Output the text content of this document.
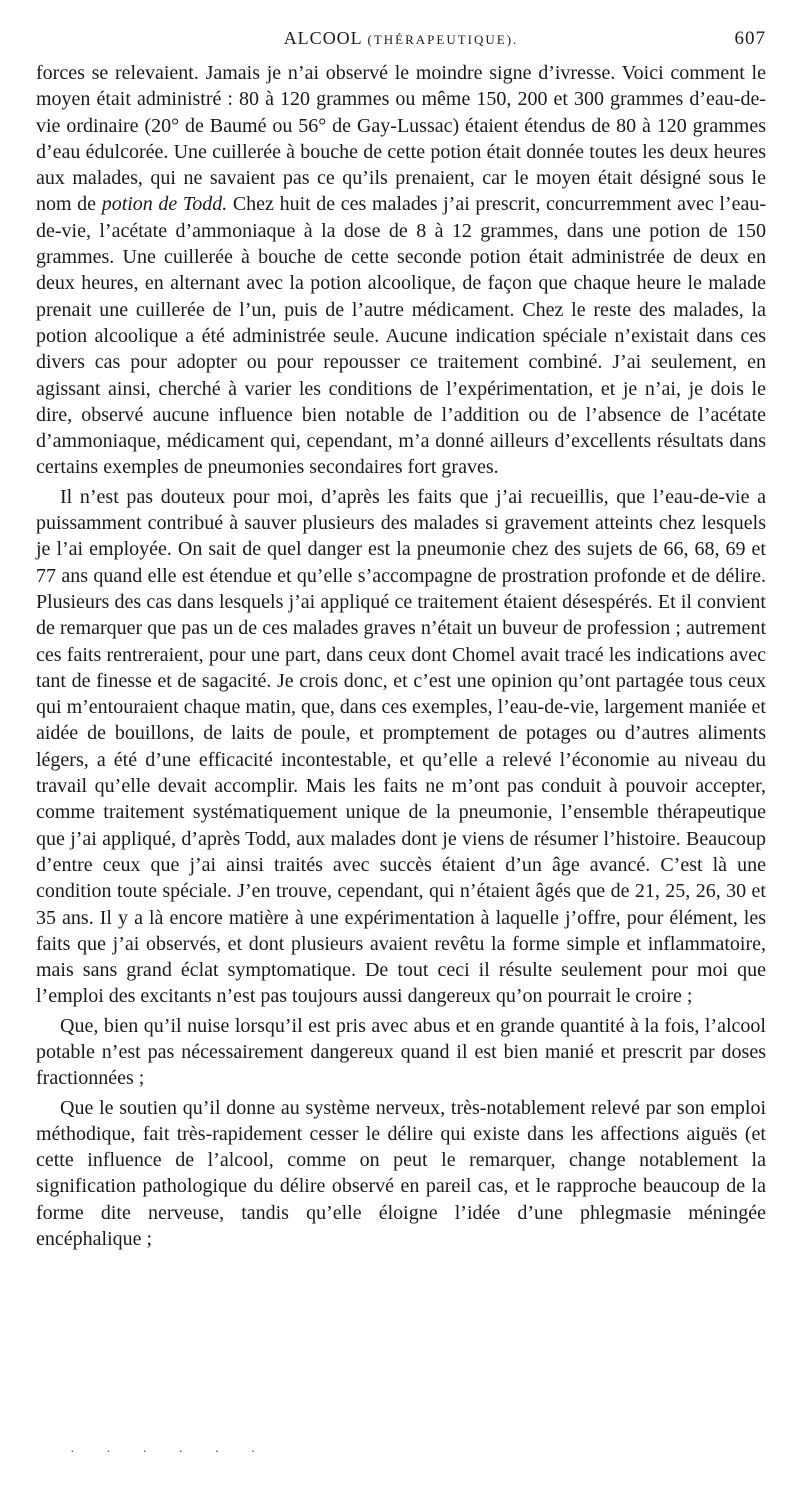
ALCOOL (THÉRAPEUTIQUE).	607

forces se relevaient. Jamais je n’ai observé le moindre signe d’ivresse. Voici comment le moyen était administré : 80 à 120 grammes ou même 150, 200 et 300 grammes d’eau-de-vie ordinaire (20° de Baumé ou 56° de Gay-Lussac) étaient étendus de 80 à 120 grammes d’eau édulcorée. Une cuillerée à bouche de cette potion était donnée toutes les deux heures aux malades, qui ne savaient pas ce qu’ils prenaient, car le moyen était désigné sous le nom de potion de Todd. Chez huit de ces malades j’ai prescrit, concurremment avec l’eau-de-vie, l’acétate d’ammoniaque à la dose de 8 à 12 grammes, dans une potion de 150 grammes. Une cuillerée à bouche de cette seconde potion était administrée de deux en deux heures, en alternant avec la potion alcoolique, de façon que chaque heure le malade prenait une cuillerée de l’un, puis de l’autre médicament. Chez le reste des malades, la potion alcoolique a été administrée seule. Aucune indication spéciale n’existait dans ces divers cas pour adopter ou pour repousser ce traitement combiné. J’ai seulement, en agissant ainsi, cherché à varier les conditions de l’expérimentation, et je n’ai, je dois le dire, observé aucune influence bien notable de l’addition ou de l’absence de l’acétate d’ammoniaque, médicament qui, cependant, m’a donné ailleurs d’excellents résultats dans certains exemples de pneumonies secondaires fort graves.

Il n’est pas douteux pour moi, d’après les faits que j’ai recueillis, que l’eau-de-vie a puissamment contribué à sauver plusieurs des malades si gravement atteints chez lesquels je l’ai employée. On sait de quel danger est la pneumonie chez des sujets de 66, 68, 69 et 77 ans quand elle est étendue et qu’elle s’accompagne de prostration profonde et de délire. Plusieurs des cas dans lesquels j’ai appliqué ce traitement étaient désespérés. Et il convient de remarquer que pas un de ces malades graves n’était un buveur de profession ; autrement ces faits rentreraient, pour une part, dans ceux dont Chomel avait tracé les indications avec tant de finesse et de sagacité. Je crois donc, et c’est une opinion qu’ont partagée tous ceux qui m’entouraient chaque matin, que, dans ces exemples, l’eau-de-vie, largement maniée et aidée de bouillons, de laits de poule, et promptement de potages ou d’autres aliments légers, a été d’une efficacité incontestable, et qu’elle a relevé l’économie au niveau du travail qu’elle devait accomplir. Mais les faits ne m’ont pas conduit à pouvoir accepter, comme traitement systématiquement unique de la pneumonie, l’ensemble thérapeutique que j’ai appliqué, d’après Todd, aux malades dont je viens de résumer l’histoire. Beaucoup d’entre ceux que j’ai ainsi traités avec succès étaient d’un âge avancé. C’est là une condition toute spéciale. J’en trouve, cependant, qui n’étaient âgés que de 21, 25, 26, 30 et 35 ans. Il y a là encore matière à une expérimentation à laquelle j’offre, pour élément, les faits que j’ai observés, et dont plusieurs avaient revêtu la forme simple et inflammatoire, mais sans grand éclat symptomatique. De tout ceci il résulte seulement pour moi que l’emploi des excitants n’est pas toujours aussi dangereux qu’on pourrait le croire ;

Que, bien qu’il nuise lorsqu’il est pris avec abus et en grande quantité à la fois, l’alcool potable n’est pas nécessairement dangereux quand il est bien manié et prescrit par doses fractionnées ;

Que le soutien qu’il donne au système nerveux, très-notablement relevé par son emploi méthodique, fait très-rapidement cesser le délire qui existe dans les affections aiguës (et cette influence de l’alcool, comme on peut le remarquer, change notablement la signification pathologique du délire observé en pareil cas, et le rapproche beaucoup de la forme dite nerveuse, tandis qu’elle éloigne l’idée d’une phlegmasie méningée encéphalique ;

· · · · · ·
